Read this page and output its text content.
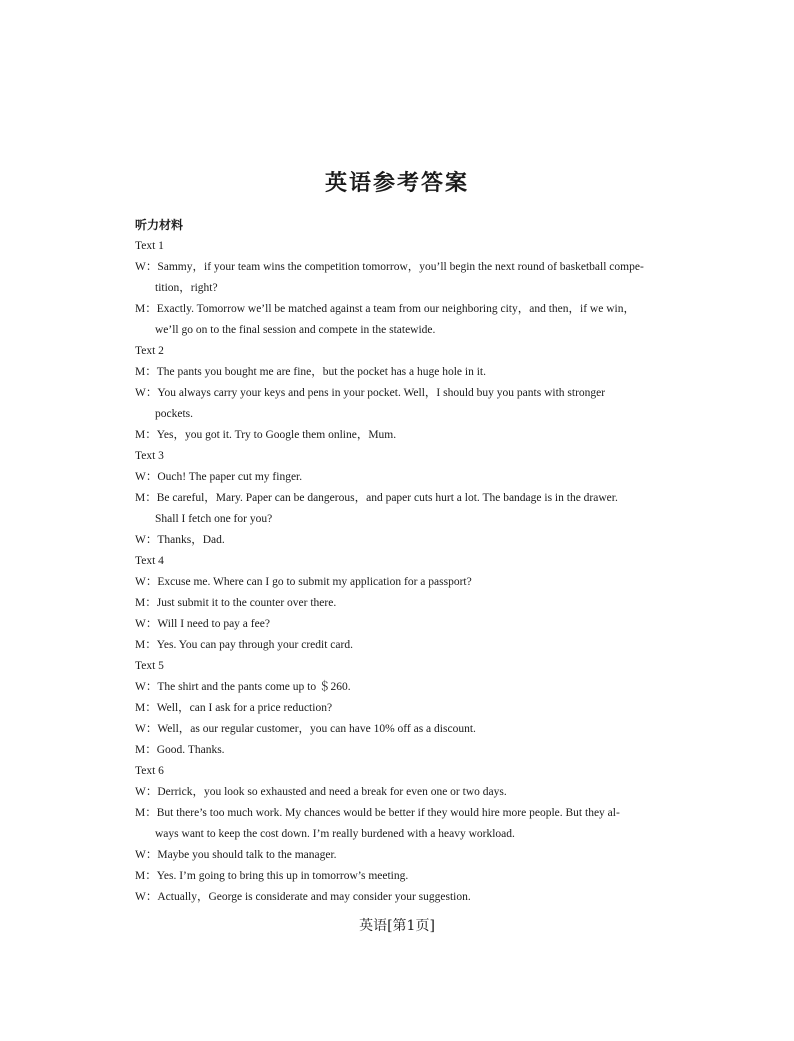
英语参考答案
听力材料
Text 1
W：Sammy，if your team wins the competition tomorrow，you’ll begin the next round of basketball compe-
tition，right?
M：Exactly. Tomorrow we’ll be matched against a team from our neighboring city，and then，if we win，
we’ll go on to the final session and compete in the statewide.
Text 2
M：The pants you bought me are fine，but the pocket has a huge hole in it.
W：You always carry your keys and pens in your pocket. Well，I should buy you pants with stronger
pockets.
M：Yes，you got it. Try to Google them online，Mum.
Text 3
W：Ouch! The paper cut my finger.
M：Be careful，Mary. Paper can be dangerous，and paper cuts hurt a lot. The bandage is in the drawer.
Shall I fetch one for you?
W：Thanks，Dad.
Text 4
W：Excuse me. Where can I go to submit my application for a passport?
M：Just submit it to the counter over there.
W：Will I need to pay a fee?
M：Yes. You can pay through your credit card.
Text 5
W：The shirt and the pants come up to ＄260.
M：Well，can I ask for a price reduction?
W：Well，as our regular customer，you can have 10% off as a discount.
M：Good. Thanks.
Text 6
W：Derrick，you look so exhausted and need a break for even one or two days.
M：But there’s too much work. My chances would be better if they would hire more people. But they al-
ways want to keep the cost down. I’m really burdened with a heavy workload.
W：Maybe you should talk to the manager.
M：Yes. I’m going to bring this up in tomorrow’s meeting.
W：Actually，George is considerate and may consider your suggestion.
英语[第1页]
